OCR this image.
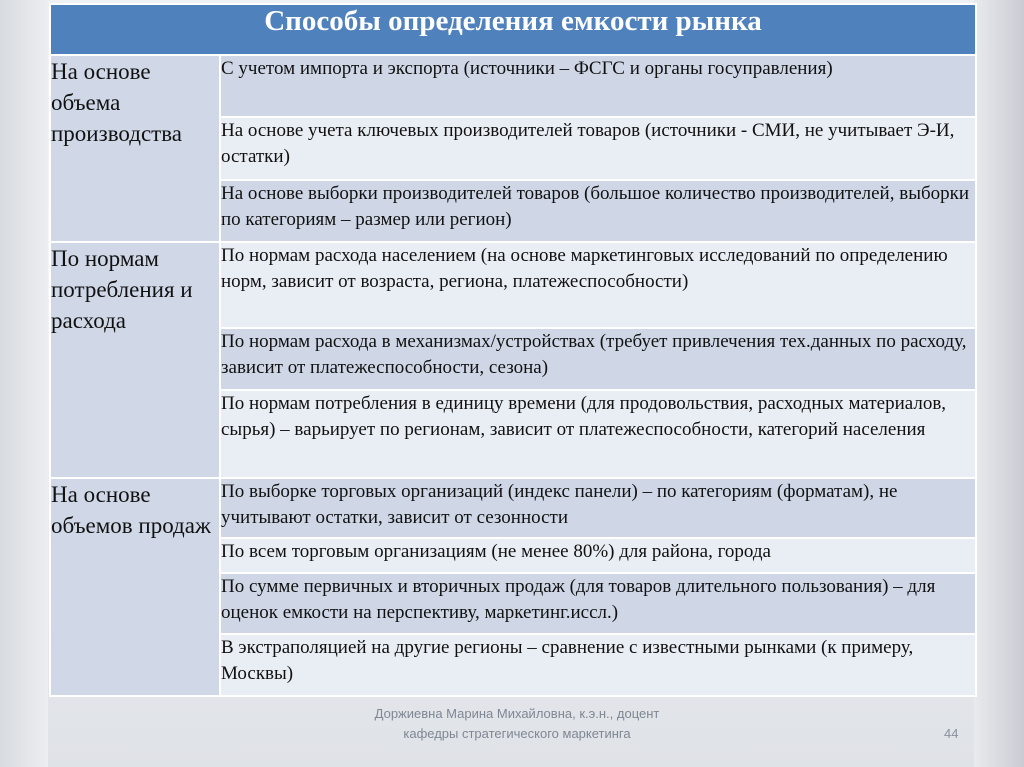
Способы определения емкости рынка	
На основе объема производства	С учетом импорта и экспорта (источники – ФСГС и органы госуправления)
	На основе учета ключевых производителей товаров (источники - СМИ, не учитывает Э-И, остатки)
	На основе выборки производителей товаров (большое количество производителей, выборки по категориям – размер или регион)
По нормам потребления и расхода	По нормам расхода населением (на основе маркетинговых исследований по определению норм, зависит от возраста, региона, платежеспособности)
	По нормам расхода в механизмах/устройствах (требует привлечения тех.данных по расходу, зависит от платежеспособности, сезона)
	По нормам потребления в единицу времени (для продовольствия, расходных материалов, сырья) – варьирует по регионам, зависит от платежеспособности, категорий населения
На основе объемов продаж	По выборке торговых организаций (индекс панели) – по категориям (форматам), не учитывают остатки, зависит от сезонности
	По всем торговым организациям (не менее 80%) для района, города
	По сумме первичных и вторичных продаж (для товаров длительного пользования) – для оценок емкости на перспективу, маркетинг.иссл.)
	В экстраполяцией на другие регионы – сравнение с известными рынками (к примеру, Москвы)
Доржиевна Марина Михайловна, к.э.н., доцент кафедры стратегического маркетинга	44
